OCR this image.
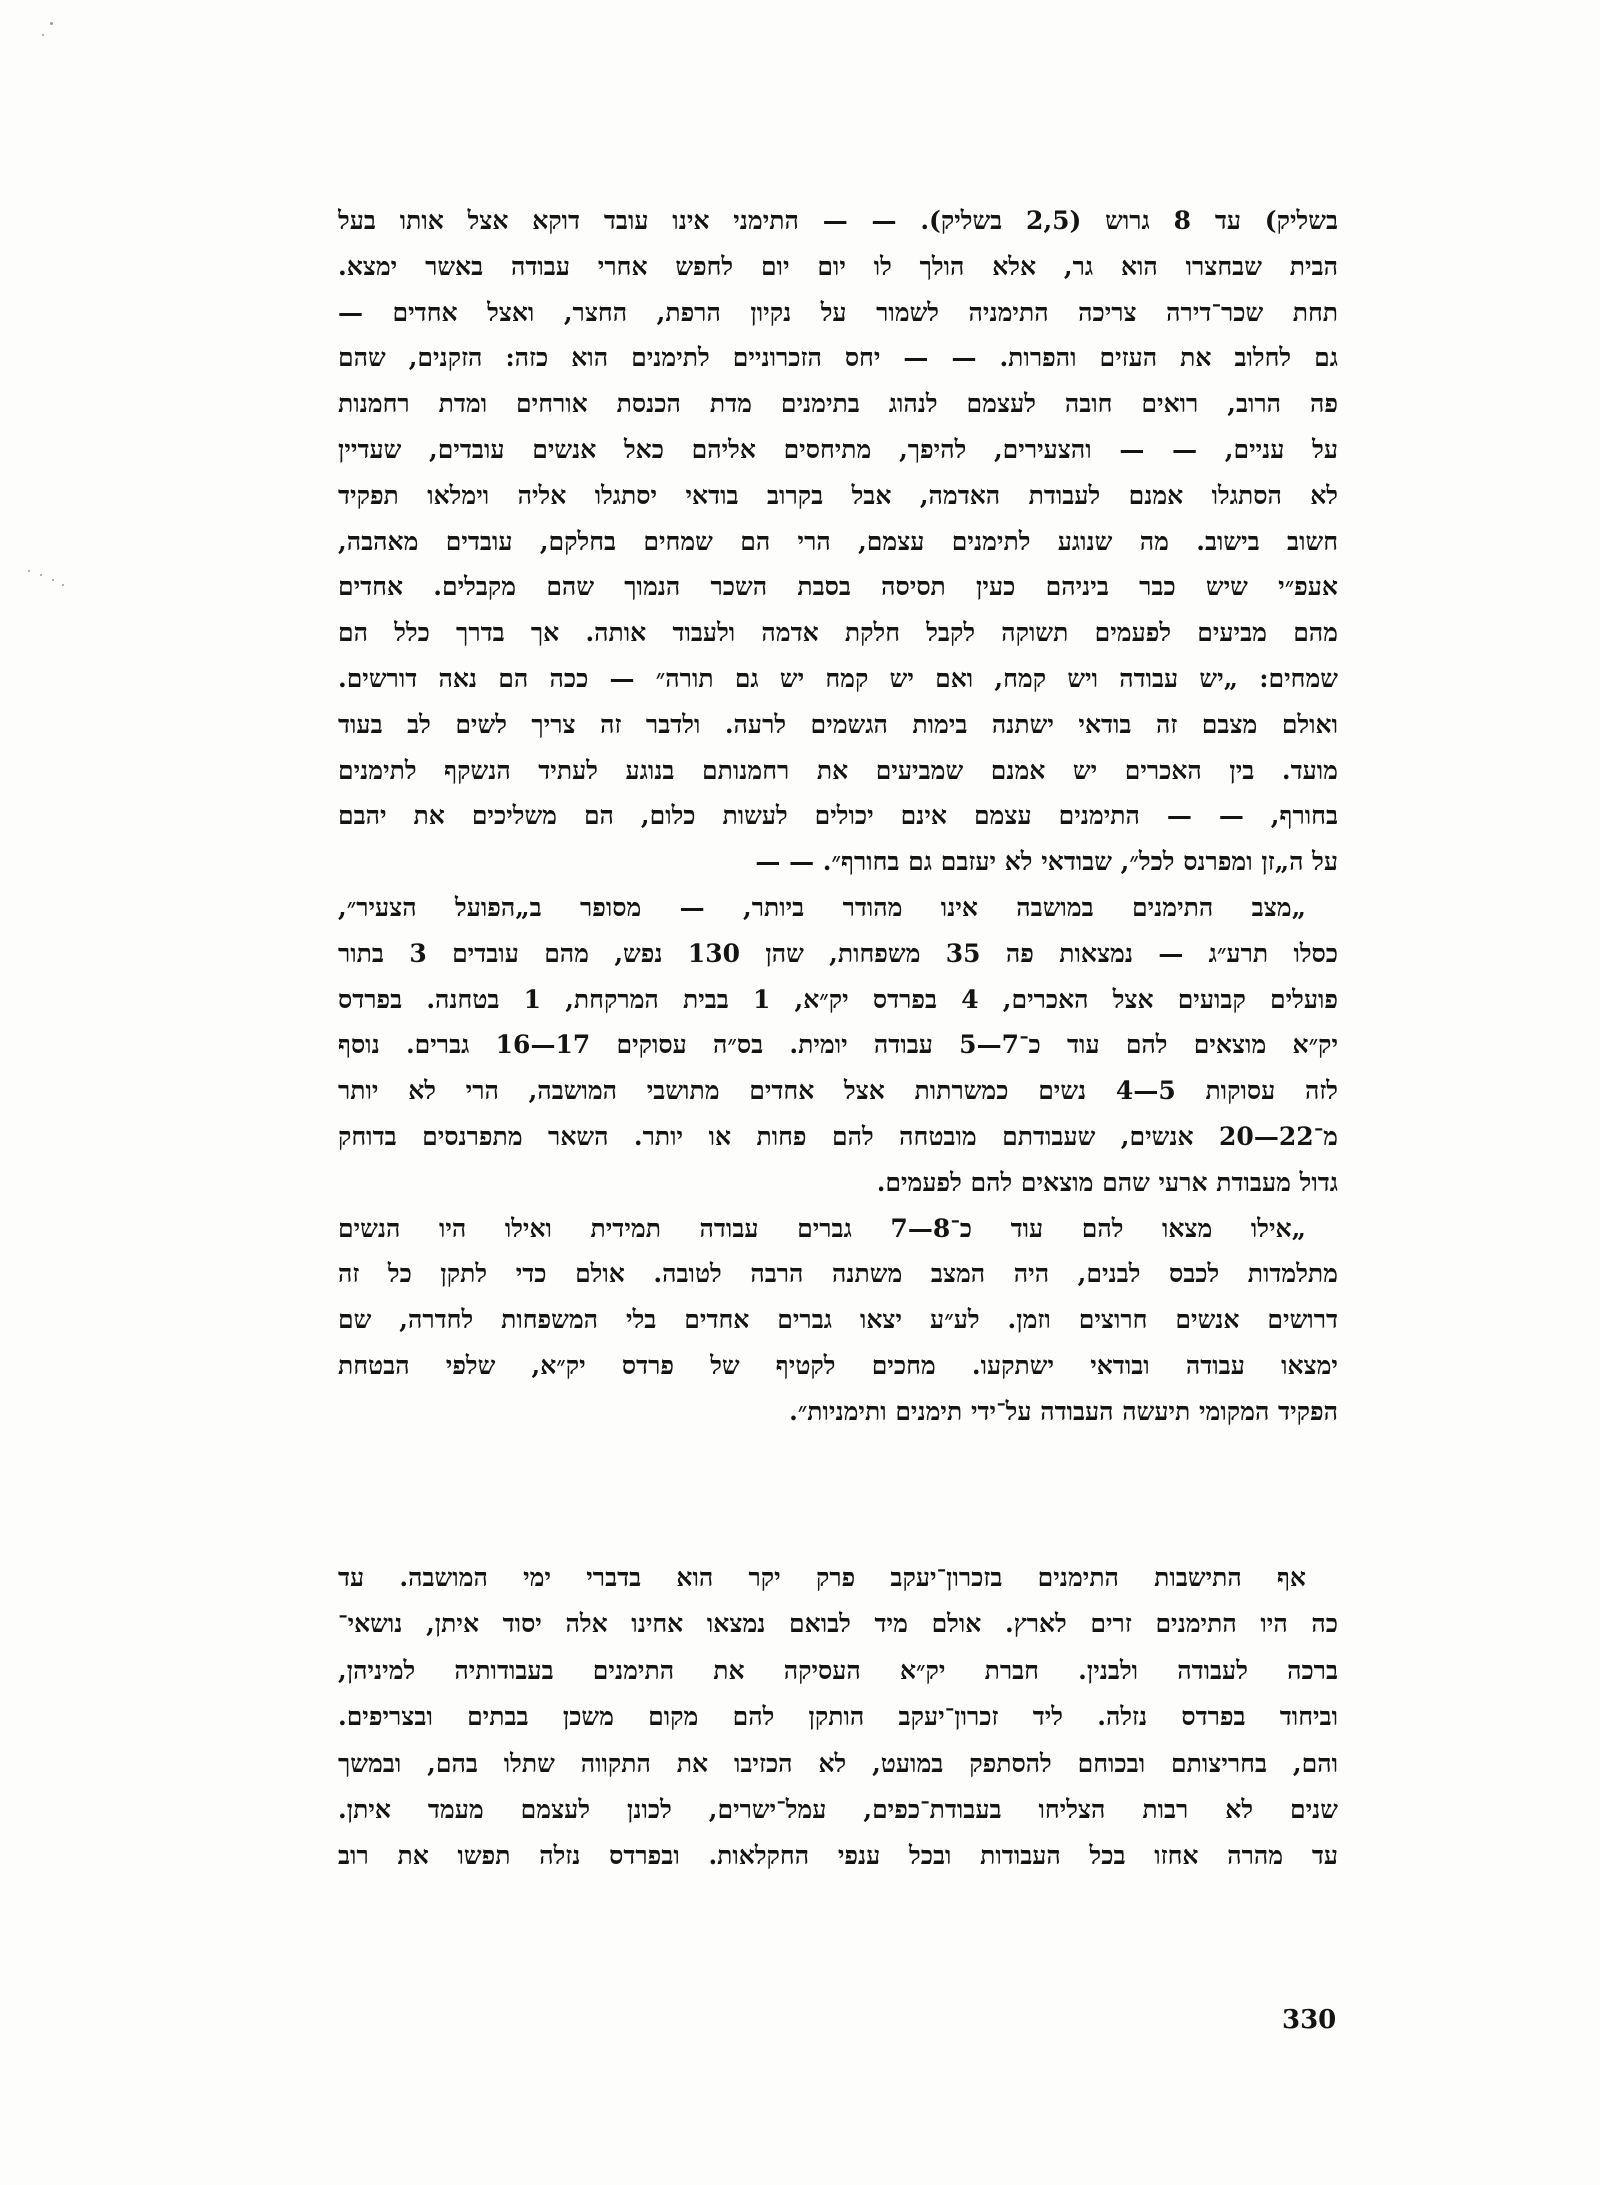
בשליק) עד 8 גרוש (2,5 בשליק). — — התימני אינו עובד דוקא אצל אותו בעל
הבית שבחצרו הוא גר, אלא הולך לו יום יום לחפש אחרי עבודה באשר ימצא.
תחת שכר־דירה צריכה התימניה לשמור על נקיון הרפת, החצר, ואצל אחדים —
גם לחלוב את העזים והפרות. — — יחס הזכרוניים לתימנים הוא כזה: הזקנים, שהם
פה הרוב, רואים חובה לעצמם לנהוג בתימנים מדת הכנסת אורחים ומדת רחמנות
על עניים, — — והצעירים, להיפך, מתיחסים אליהם כאל אנשים עובדים, שעדיין
לא הסתגלו אמנם לעבודת האדמה, אבל בקרוב בודאי יסתגלו אליה וימלאו תפקיד
חשוב בישוב. מה שנוגע לתימנים עצמם, הרי הם שמחים בחלקם, עובדים מאהבה,
אעפ״י שיש כבר ביניהם כעין תסיסה בסבת השכר הנמוך שהם מקבלים. אחדים
מהם מביעים לפעמים תשוקה לקבל חלקת אדמה ולעבוד אותה. אך בדרך כלל הם
שמחים: „יש עבודה ויש קמח, ואם יש קמח יש גם תורה״ — ככה הם נאה דורשים.
ואולם מצבם זה בודאי ישתנה בימות הגשמים לרעה. ולדבר זה צריך לשים לב בעוד
מועד. בין האכרים יש אמנם שמביעים את רחמנותם בנוגע לעתיד הנשקף לתימנים
בחורף, — — התימנים עצמם אינם יכולים לעשות כלום, הם משליכים את יהבם
על ה„זן ומפרנס לכל״, שבודאי לא יעזבם גם בחורף״. — —
„מצב התימנים במושבה אינו מהודר ביותר, — מסופר ב„הפועל הצעיר״,
כסלו תרע״ג — נמצאות פה 35 משפחות, שהן 130 נפש, מהם עובדים 3 בתור
פועלים קבועים אצל האכרים, 4 בפרדס יק״א, 1 בבית המרקחת, 1 בטחנה. בפרדס
יק״א מוצאים להם עוד כ־7—5 עבודה יומית. בס״ה עסוקים 17—16 גברים. נוסף
לזה עסוקות 5—4 נשים כמשרתות אצל אחדים מתושבי המושבה, הרי לא יותר
מ־22—20 אנשים, שעבודתם מובטחה להם פחות או יותר. השאר מתפרנסים בדוחק
גדול מעבודת ארעי שהם מוצאים להם לפעמים.
„אילו מצאו להם עוד כ־8—7 גברים עבודה תמידית ואילו היו הנשים
מתלמדות לכבס לבנים, היה המצב משתנה הרבה לטובה. אולם כדי לתקן כל זה
דרושים אנשים חרוצים וזמן. לע״ע יצאו גברים אחדים בלי המשפחות לחדרה, שם
ימצאו עבודה ובודאי ישתקעו. מחכים לקטיף של פרדס יק״א, שלפי הבטחת
הפקיד המקומי תיעשה העבודה על־ידי תימנים ותימניות״.
אף התישבות התימנים בזכרון־יעקב פרק יקר הוא בדברי ימי המושבה. עד
כה היו התימנים זרים לארץ. אולם מיד לבואם נמצאו אחינו אלה יסוד איתן, נושאי־
ברכה לעבודה ולבנין. חברת יק״א העסיקה את התימנים בעבודותיה למיניהן,
וביחוד בפרדס נזלה. ליד זכרון־יעקב הותקן להם מקום משכן בבתים ובצריפים.
והם, בחריצותם ובכוחם להסתפק במועט, לא הכזיבו את התקווה שתלו בהם, ובמשך
שנים לא רבות הצליחו בעבודת־כפים, עמל־ישרים, לכונן לעצמם מעמד איתן.
עד מהרה אחזו בכל העבודות ובכל ענפי החקלאות. ובפרדס נזלה תפשו את רוב
330
